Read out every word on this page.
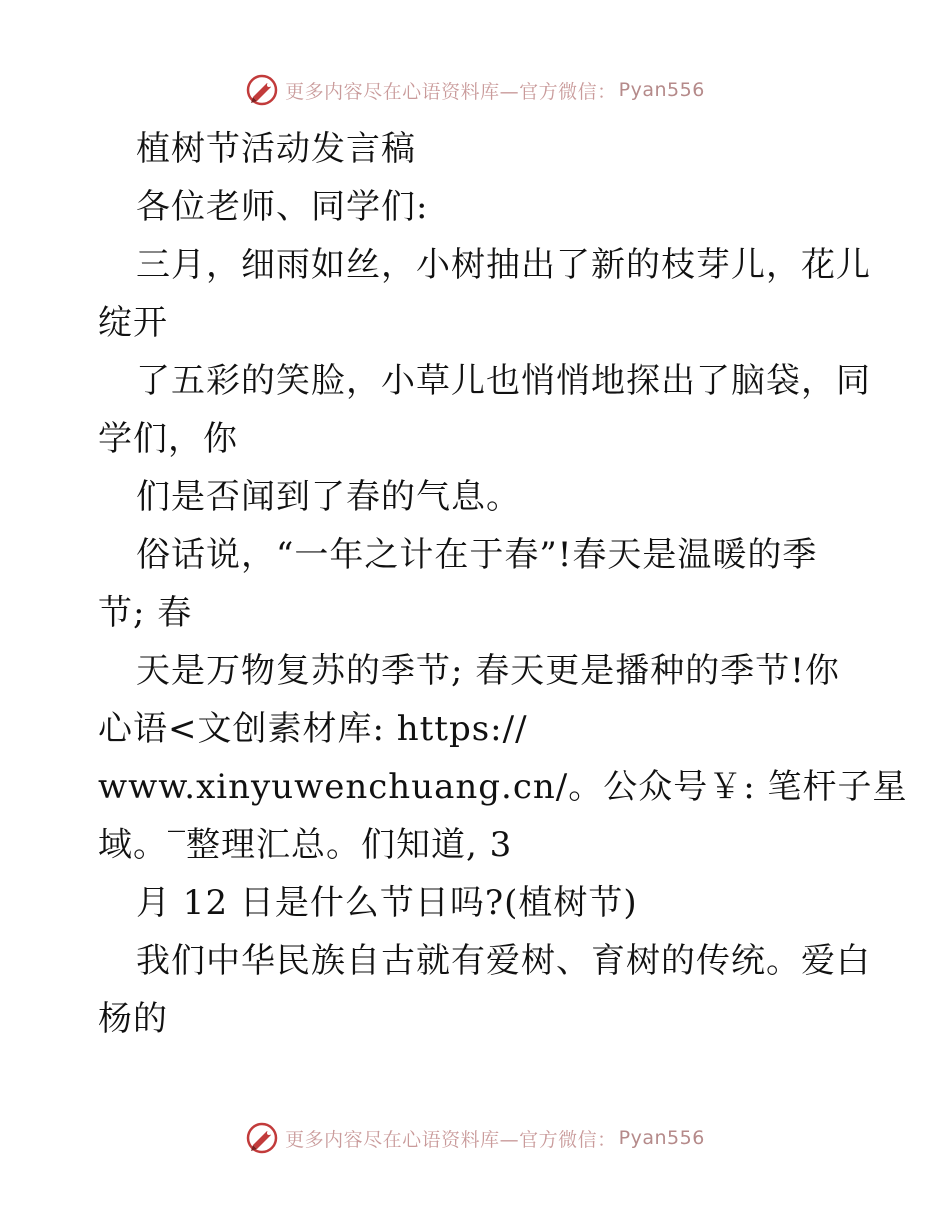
更多内容尽在心语资料库—官方微信： Pyan556
植树节活动发言稿
各位老师、同学们:
三月，细雨如丝，小树抽出了新的枝芽儿，花儿
绽开
了五彩的笑脸，小草儿也悄悄地探出了脑袋，同
学们，你
们是否闻到了春的气息。
俗话说，“一年之计在于春”!春天是温暖的季
节; 春
天是万物复苏的季节; 春天更是播种的季节!你
心语<文创素材库: https://
www.xinyuwenchuang.cn/。公众号￥: 笔杆子星
域。‾整理汇总。们知道, 3
月 12 日是什么节日吗?(植树节)
我们中华民族自古就有爱树、育树的传统。爱白
杨的
更多内容尽在心语资料库—官方微信： Pyan556
